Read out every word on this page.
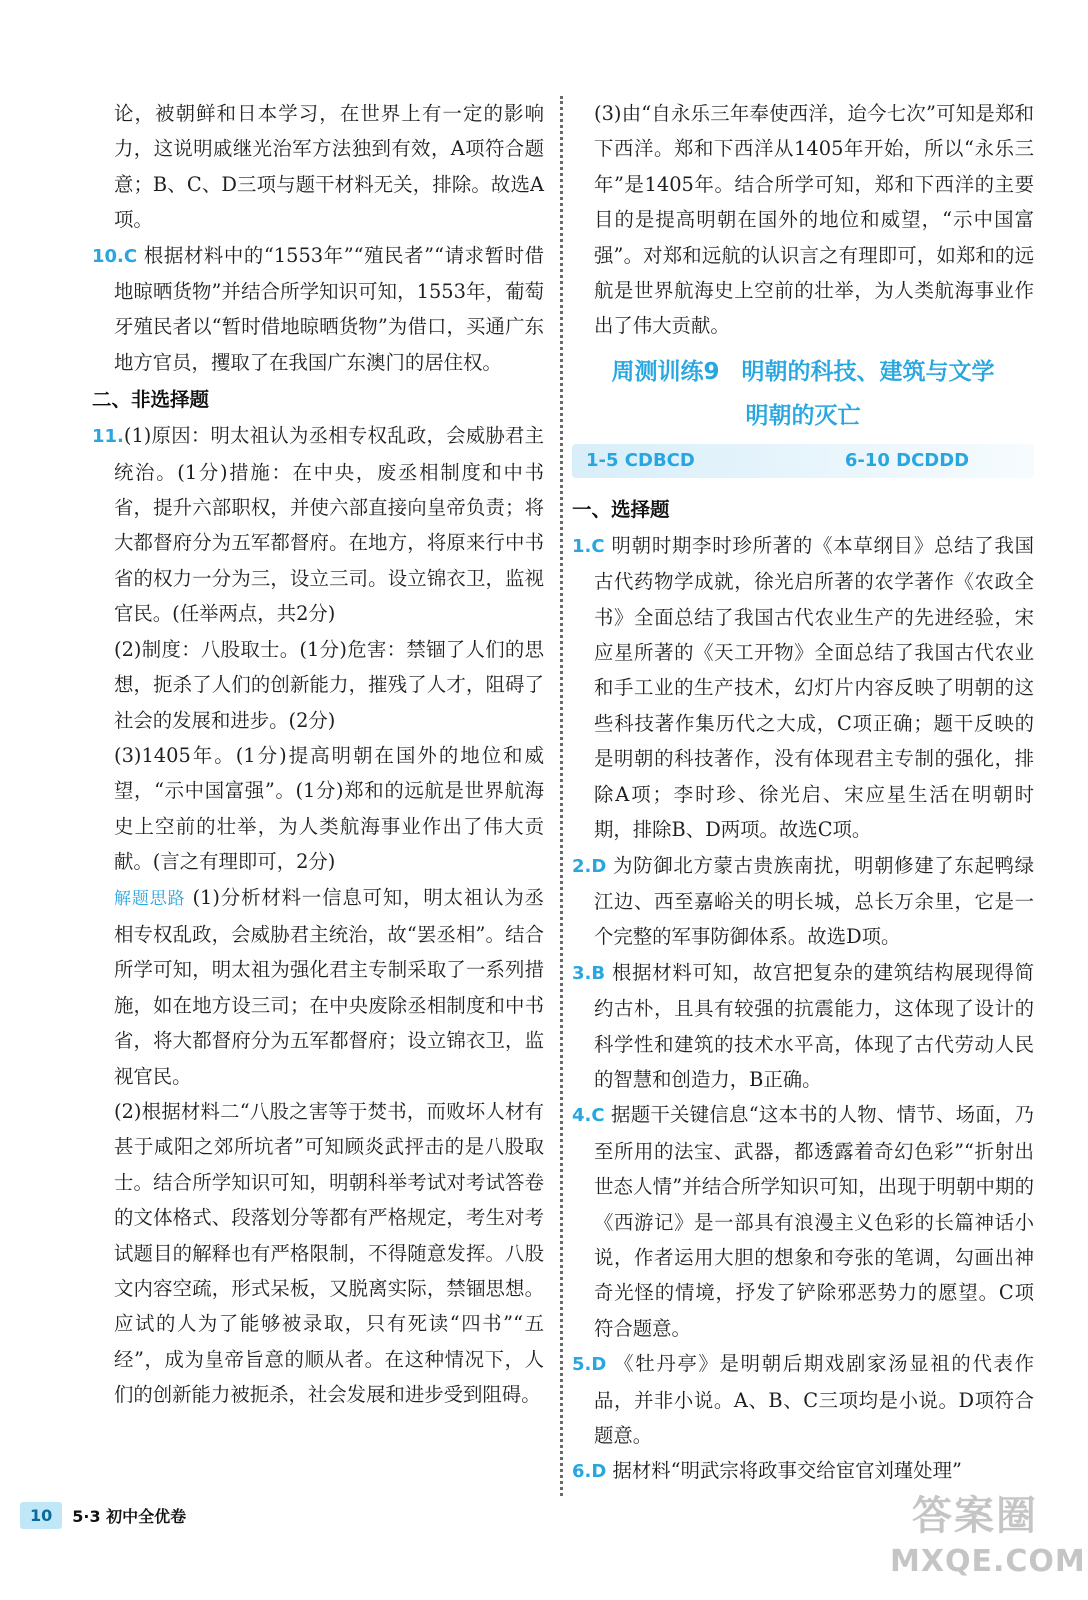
论，被朝鲜和日本学习，在世界上有一定的影响力，这说明戚继光治军方法独到有效，A项符合题意；B、C、D三项与题干材料无关，排除。故选A项。

10.C 根据材料中的“1553年”“殖民者”“请求暂时借地晾晒货物”并结合所学知识可知，1553年，葡萄牙殖民者以“暂时借地晾晒货物”为借口，买通广东地方官员，攫取了在我国广东澳门的居住权。

二、非选择题

11.(1)原因：明太祖认为丞相专权乱政，会威胁君主统治。(1分)措施：在中央，废丞相制度和中书省，提升六部职权，并使六部直接向皇帝负责；将大都督府分为五军都督府。在地方，将原来行中书省的权力一分为三，设立三司。设立锦衣卫，监视官民。(任举两点，共2分)

(2)制度：八股取士。(1分)危害：禁锢了人们的思想，扼杀了人们的创新能力，摧残了人才，阻碍了社会的发展和进步。(2分)

(3)1405年。(1分)提高明朝在国外的地位和威望，“示中国富强”。(1分)郑和的远航是世界航海史上空前的壮举，为人类航海事业作出了伟大贡献。(言之有理即可，2分)

解题思路 (1)分析材料一信息可知，明太祖认为丞相专权乱政，会威胁君主统治，故“罢丞相”。结合所学可知，明太祖为强化君主专制采取了一系列措施，如在地方设三司；在中央废除丞相制度和中书省，将大都督府分为五军都督府；设立锦衣卫，监视官民。

(2)根据材料二“八股之害等于焚书，而败坏人材有甚于咸阳之郊所坑者”可知顾炎武抨击的是八股取士。结合所学知识可知，明朝科举考试对考试答卷的文体格式、段落划分等都有严格规定，考生对考试题目的解释也有严格限制，不得随意发挥。八股文内容空疏，形式呆板，又脱离实际，禁锢思想。应试的人为了能够被录取，只有死读“四书”“五经”，成为皇帝旨意的顺从者。在这种情况下，人们的创新能力被扼杀，社会发展和进步受到阻碍。

(3)由“自永乐三年奉使西洋，迨今七次”可知是郑和下西洋。郑和下西洋从1405年开始，所以“永乐三年”是1405年。结合所学可知，郑和下西洋的主要目的是提高明朝在国外的地位和威望，“示中国富强”。对郑和远航的认识言之有理即可，如郑和的远航是世界航海史上空前的壮举，为人类航海事业作出了伟大贡献。

周测训练9 明朝的科技、建筑与文学
明朝的灭亡
1-5 CDBCD	6-10 DCDDD
一、选择题

1.C 明朝时期李时珍所著的《本草纲目》总结了我国古代药物学成就，徐光启所著的农学著作《农政全书》全面总结了我国古代农业生产的先进经验，宋应星所著的《天工开物》全面总结了我国古代农业和手工业的生产技术，幻灯片内容反映了明朝的这些科技著作集历代之大成，C项正确；题干反映的是明朝的科技著作，没有体现君主专制的强化，排除A项；李时珍、徐光启、宋应星生活在明朝时期，排除B、D两项。故选C项。

2.D 为防御北方蒙古贵族南扰，明朝修建了东起鸭绿江边、西至嘉峪关的明长城，总长万余里，它是一个完整的军事防御体系。故选D项。

3.B 根据材料可知，故宫把复杂的建筑结构展现得简约古朴，且具有较强的抗震能力，这体现了设计的科学性和建筑的技术水平高，体现了古代劳动人民的智慧和创造力，B正确。

4.C 据题干关键信息“这本书的人物、情节、场面，乃至所用的法宝、武器，都透露着奇幻色彩”“折射出世态人情”并结合所学知识可知，出现于明朝中期的《西游记》是一部具有浪漫主义色彩的长篇神话小说，作者运用大胆的想象和夸张的笔调，勾画出神奇光怪的情境，抒发了铲除邪恶势力的愿望。C项符合题意。

5.D 《牡丹亭》是明朝后期戏剧家汤显祖的代表作品，并非小说。A、B、C三项均是小说。D项符合题意。

6.D 据材料“明武宗将政事交给宦官刘瑾处理”

10	5·3 初中全优卷	答案圈
MXQE.COM
